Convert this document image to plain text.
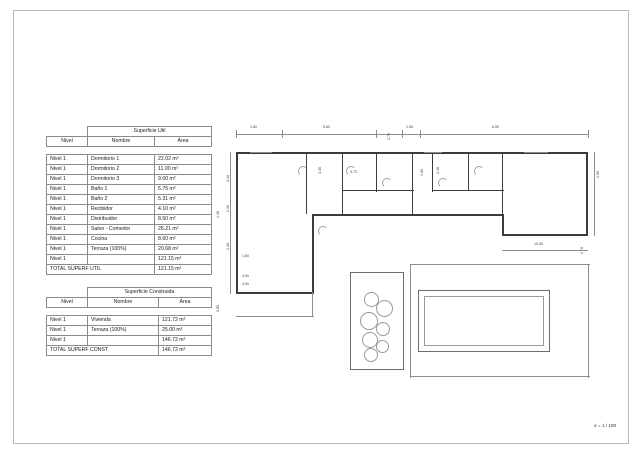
	Superficie Util	
Nivel	Nombre	Área

Nivel 1	Dormitorio 1	22.02 m²
Nivel 1	Dormitorio 2	11.00 m²
Nivel 1	Dormitorio 3	9.00 m²
Nivel 1	Baño 1	5.75 m²
Nivel 1	Baño 2	5.31 m²
Nivel 1	Recibidor	4.10 m²
Nivel 1	Distribuidor	8.50 m²
Nivel 1	Salon - Comedor	26.21 m²
Nivel 1	Cocina	8.60 m²
Nivel 1	Terraza (100%)	20.68 m²
Nivel 1		121.15 m²
TOTAL SUPERF UTIL		121.15 m²
	Superficie Construida	
Nivel	Nombre	Área

Nivel 1	Vivienda	121.72 m²
Nivel 1	Terraza (100%)	25.00 m²
Nivel 1		146.72 m²
TOTAL SUPERF CONST		146.72 m²
1.60	5.60
1.70
1.05	6.50
3.10
2.30
4.15
2.30
1.60
4.00
3.50
3.30	3.73	1.60	2.40
4.00
4.00
10.00
e = 1 / 100
